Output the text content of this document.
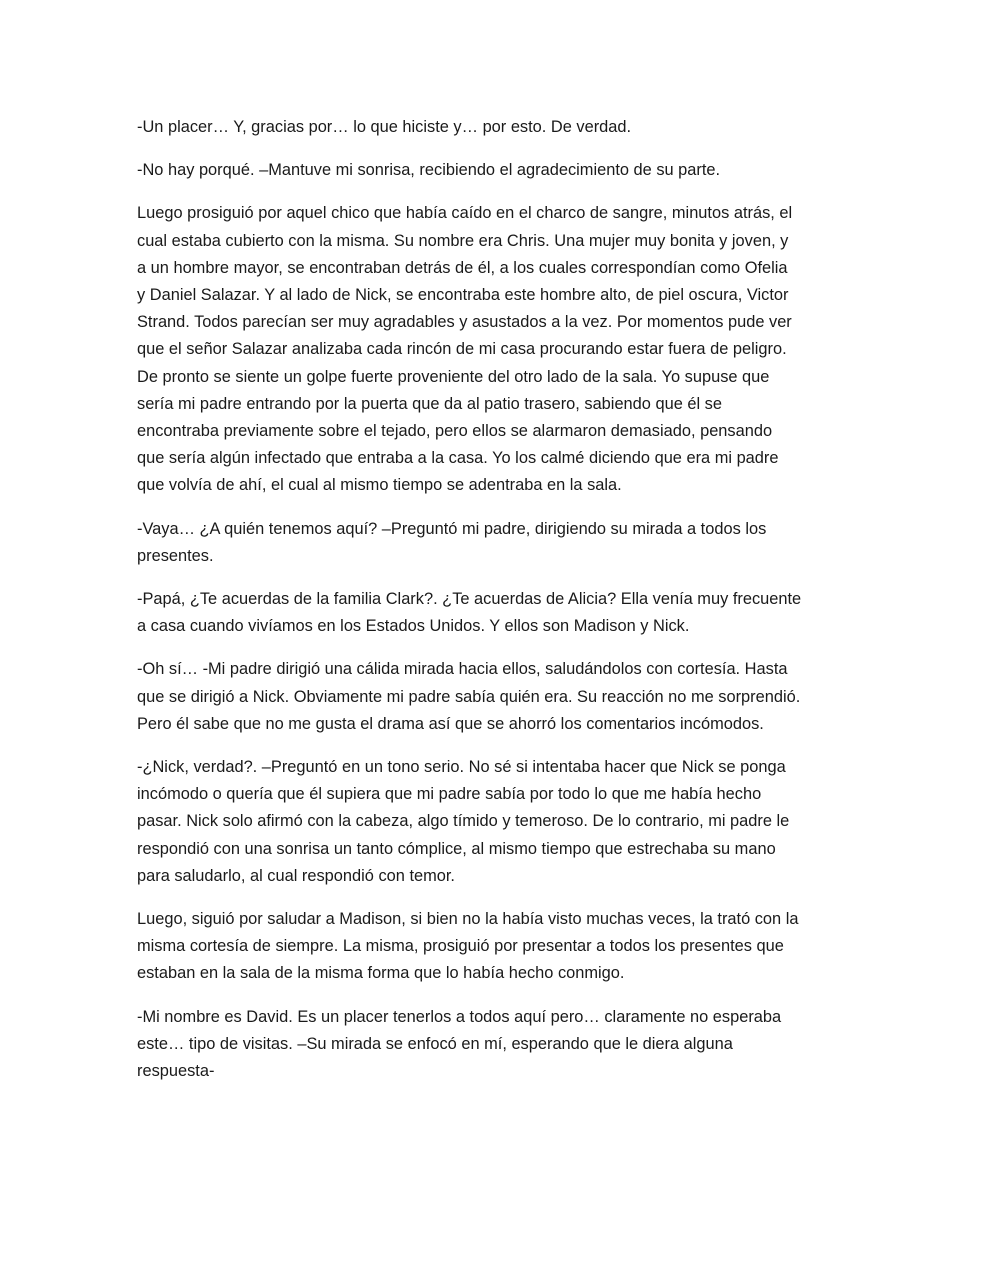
-Un placer… Y, gracias por… lo que hiciste y… por esto. De verdad.

-No hay porqué. –Mantuve mi sonrisa, recibiendo el agradecimiento de su parte.

Luego prosiguió por aquel chico que había caído en el charco de sangre, minutos atrás, el
cual estaba cubierto con la misma. Su nombre era Chris. Una mujer muy bonita y joven, y
a un hombre mayor, se encontraban detrás de él, a los cuales correspondían como Ofelia
y Daniel Salazar. Y al lado de Nick, se encontraba este hombre alto, de piel oscura, Victor
Strand. Todos parecían ser muy agradables y asustados a la vez. Por momentos pude ver
que el señor Salazar analizaba cada rincón de mi casa procurando estar fuera de peligro.
De pronto se siente un golpe fuerte proveniente del otro lado de la sala. Yo supuse que
sería mi padre entrando por la puerta que da al patio trasero, sabiendo que él se
encontraba previamente sobre el tejado, pero ellos se alarmaron demasiado, pensando
que sería algún infectado que entraba a la casa. Yo los calmé diciendo que era mi padre
que volvía de ahí, el cual al mismo tiempo se adentraba en la sala.

-Vaya… ¿A quién tenemos aquí? –Preguntó mi padre, dirigiendo su mirada a todos los
presentes.

-Papá, ¿Te acuerdas de la familia Clark?. ¿Te acuerdas de Alicia? Ella venía muy frecuente
a casa cuando vivíamos en los Estados Unidos. Y ellos son Madison y Nick.

-Oh sí… -Mi padre dirigió una cálida mirada hacia ellos, saludándolos con cortesía. Hasta
que se dirigió a Nick. Obviamente mi padre sabía quién era. Su reacción no me sorprendió.
Pero él sabe que no me gusta el drama así que se ahorró los comentarios incómodos.

-¿Nick, verdad?. –Preguntó en un tono serio. No sé si intentaba hacer que Nick se ponga
incómodo o quería que él supiera que mi padre sabía por todo lo que me había hecho
pasar. Nick solo afirmó con la cabeza, algo tímido y temeroso. De lo contrario, mi padre le
respondió con una sonrisa un tanto cómplice, al mismo tiempo que estrechaba su mano
para saludarlo, al cual respondió con temor.

Luego, siguió por saludar a Madison, si bien no la había visto muchas veces, la trató con la
misma cortesía de siempre. La misma, prosiguió por presentar a todos los presentes que
estaban en la sala de la misma forma que lo había hecho conmigo.

-Mi nombre es David. Es un placer tenerlos a todos aquí pero… claramente no esperaba
este… tipo de visitas. –Su mirada se enfocó en mí, esperando que le diera alguna
respuesta-
